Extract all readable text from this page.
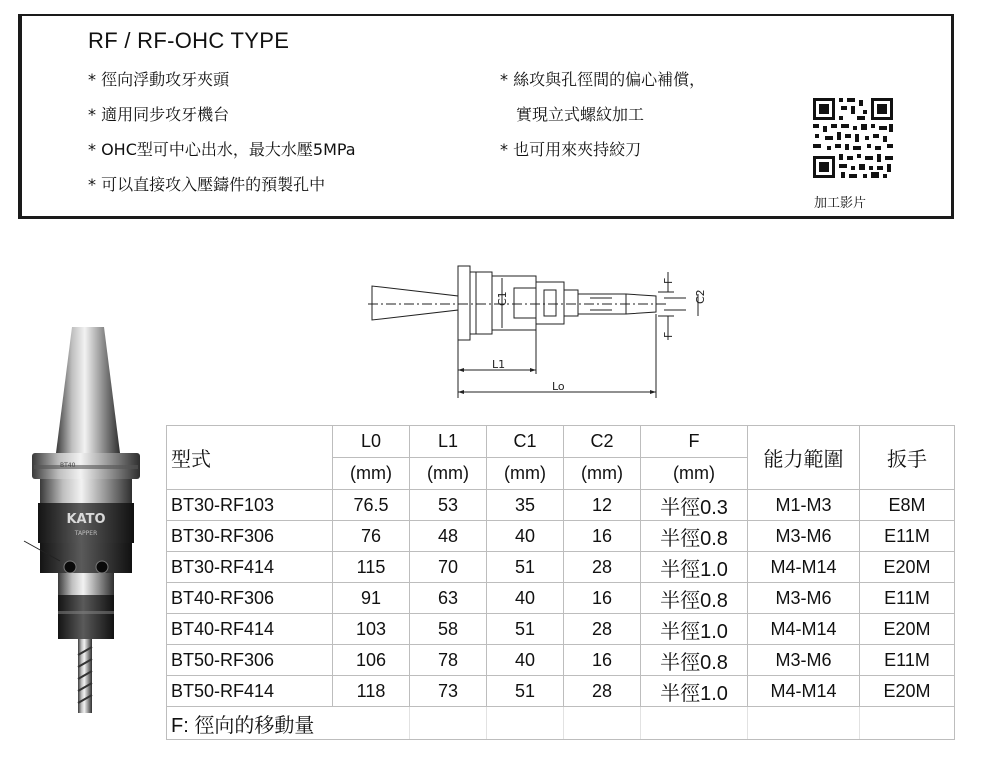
RF / RF-OHC TYPE
* 徑向浮動攻牙夾頭
* 適用同步攻牙機台
* OHC型可中心出水，最大水壓5MPa
* 可以直接攻入壓鑄件的預製孔中
* 絲攻與孔徑間的偏心補償，
實現立式螺紋加工
* 也可用來夾持絞刀
加工影片
BT40
KATO
TAPPER
C1	C2
F
F
L1
Lo
型式	L0	L1	C1	C2	F	能力範圍	扳手
	(mm)	(mm)	(mm)	(mm)	(mm)		
BT30-RF103	76.5	53	35	12	半徑0.3	M1-M3	E8M
BT30-RF306	76	48	40	16	半徑0.8	M3-M6	E11M
BT30-RF414	115	70	51	28	半徑1.0	M4-M14	E20M
BT40-RF306	91	63	40	16	半徑0.8	M3-M6	E11M
BT40-RF414	103	58	51	28	半徑1.0	M4-M14	E20M
BT50-RF306	106	78	40	16	半徑0.8	M3-M6	E11M
BT50-RF414	118	73	51	28	半徑1.0	M4-M14	E20M
F: 徑向的移動量							
